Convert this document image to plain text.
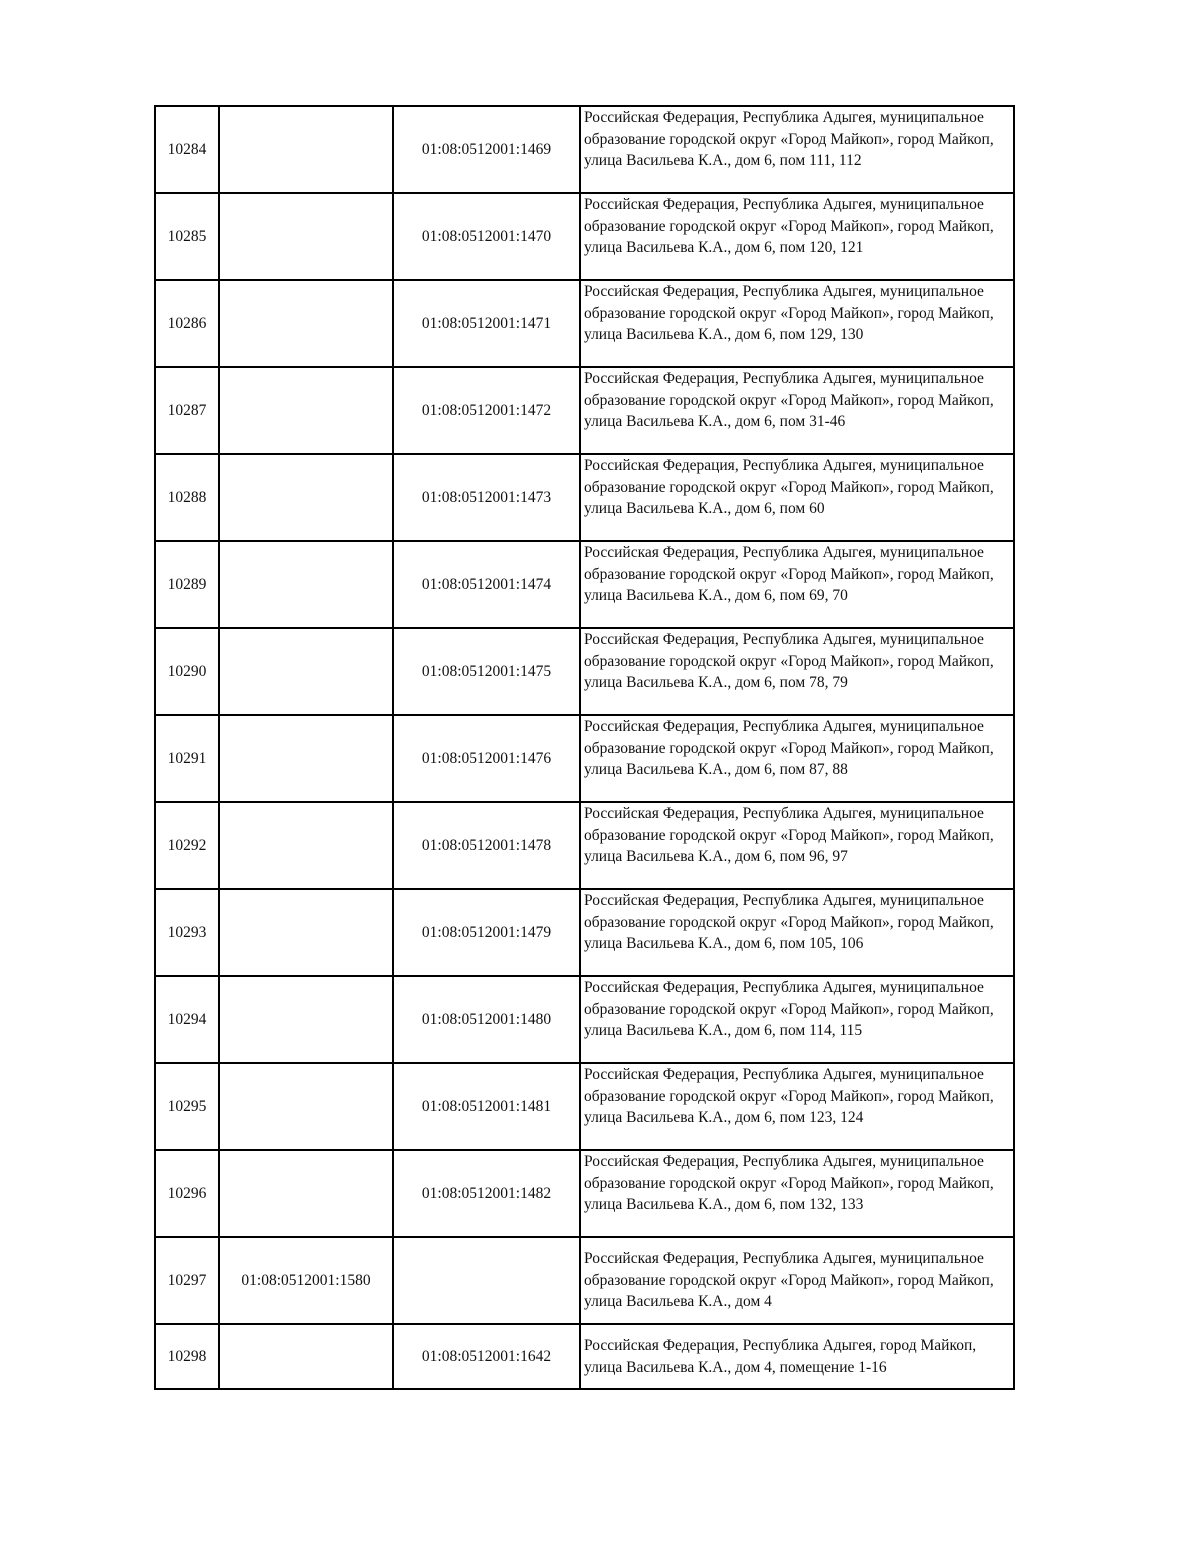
10284		01:08:0512001:1469	Российская Федерация, Республика Адыгея, муниципальное образование городской округ «Город Майкоп», город Майкоп, улица Васильева К.А., дом 6, пом 111, 112
10285		01:08:0512001:1470	Российская Федерация, Республика Адыгея, муниципальное образование городской округ «Город Майкоп», город Майкоп, улица Васильева К.А., дом 6, пом 120, 121
10286		01:08:0512001:1471	Российская Федерация, Республика Адыгея, муниципальное образование городской округ «Город Майкоп», город Майкоп, улица Васильева К.А., дом 6, пом 129, 130
10287		01:08:0512001:1472	Российская Федерация, Республика Адыгея, муниципальное образование городской округ «Город Майкоп», город Майкоп, улица Васильева К.А., дом 6, пом 31-46
10288		01:08:0512001:1473	Российская Федерация, Республика Адыгея, муниципальное образование городской округ «Город Майкоп», город Майкоп, улица Васильева К.А., дом 6, пом 60
10289		01:08:0512001:1474	Российская Федерация, Республика Адыгея, муниципальное образование городской округ «Город Майкоп», город Майкоп, улица Васильева К.А., дом 6, пом 69, 70
10290		01:08:0512001:1475	Российская Федерация, Республика Адыгея, муниципальное образование городской округ «Город Майкоп», город Майкоп, улица Васильева К.А., дом 6, пом 78, 79
10291		01:08:0512001:1476	Российская Федерация, Республика Адыгея, муниципальное образование городской округ «Город Майкоп», город Майкоп, улица Васильева К.А., дом 6, пом 87, 88
10292		01:08:0512001:1478	Российская Федерация, Республика Адыгея, муниципальное образование городской округ «Город Майкоп», город Майкоп, улица Васильева К.А., дом 6, пом 96, 97
10293		01:08:0512001:1479	Российская Федерация, Республика Адыгея, муниципальное образование городской округ «Город Майкоп», город Майкоп, улица Васильева К.А., дом 6, пом 105, 106
10294		01:08:0512001:1480	Российская Федерация, Республика Адыгея, муниципальное образование городской округ «Город Майкоп», город Майкоп, улица Васильева К.А., дом 6, пом 114, 115
10295		01:08:0512001:1481	Российская Федерация, Республика Адыгея, муниципальное образование городской округ «Город Майкоп», город Майкоп, улица Васильева К.А., дом 6, пом 123, 124
10296		01:08:0512001:1482	Российская Федерация, Республика Адыгея, муниципальное образование городской округ «Город Майкоп», город Майкоп, улица Васильева К.А., дом 6, пом 132, 133
10297	01:08:0512001:1580		Российская Федерация, Республика Адыгея, муниципальное образование городской округ «Город Майкоп», город Майкоп, улица Васильева К.А., дом 4
10298		01:08:0512001:1642	Российская Федерация, Республика Адыгея, город Майкоп, улица Васильева К.А., дом 4, помещение 1-16
